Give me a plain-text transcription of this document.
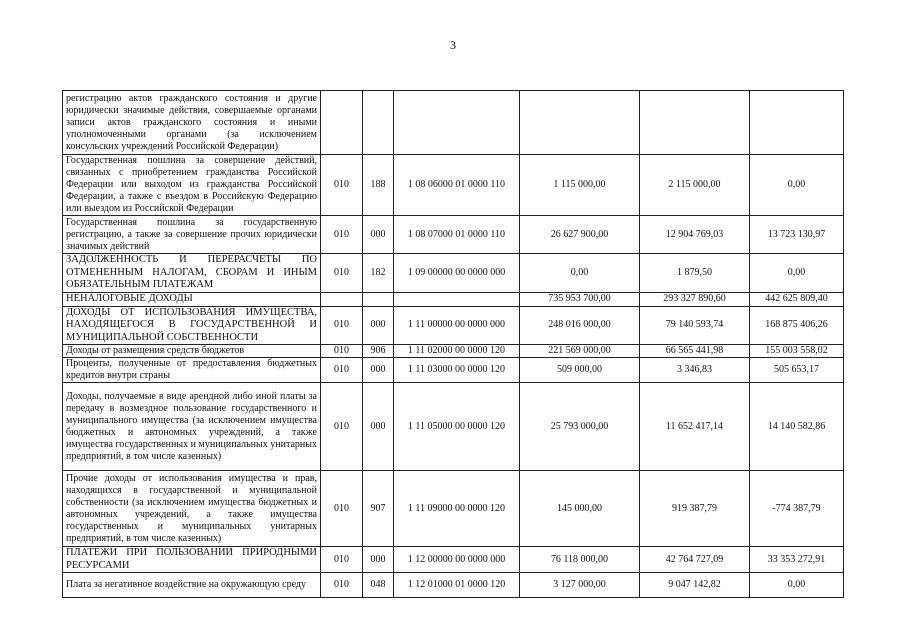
3
регистрацию актов гражданского состояния и другие юридически значимые действия, совершаемые органами записи актов гражданского состояния и иными уполномоченными органами (за исключением консульских учреждений Российской Федерации)						
Государственная пошлина за совершение действий, связанных с приобретением гражданства Российской Федерации или выходом из гражданства Российской Федерации, а также с въездом в Российскую Федерацию или выездом из Российской Федерации	010	188	1 08 06000 01 0000 110	1 115 000,00	2 115 000,00	0,00
Государственная пошлина за государственную регистрацию, а также за совершение прочих юридически значимых действий	010	000	1 08 07000 01 0000 110	26 627 900,00	12 904 769,03	13 723 130,97
ЗАДОЛЖЕННОСТЬ И ПЕРЕРАСЧЕТЫ ПО ОТМЕНЕННЫМ НАЛОГАМ, СБОРАМ И ИНЫМ ОБЯЗАТЕЛЬНЫМ ПЛАТЕЖАМ	010	182	1 09 00000 00 0000 000	0,00	1 879,50	0,00
НЕНАЛОГОВЫЕ ДОХОДЫ				735 953 700,00	293 327 890,60	442 625 809,40
ДОХОДЫ ОТ ИСПОЛЬЗОВАНИЯ ИМУЩЕСТВА, НАХОДЯЩЕГОСЯ В ГОСУДАРСТВЕННОЙ И МУНИЦИПАЛЬНОЙ СОБСТВЕННОСТИ	010	000	1 11 00000 00 0000 000	248 016 000,00	79 140 593,74	168 875 406,26
Доходы от размещения средств бюджетов	010	906	1 11 02000 00 0000 120	221 569 000,00	66 565 441,98	155 003 558,02
Проценты, полученные от предоставления бюджетных кредитов внутри страны	010	000	1 11 03000 00 0000 120	509 000,00	3 346,83	505 653,17
Доходы, получаемые в виде арендной либо иной платы за передачу в возмездное пользование государственного и муниципального имущества (за исключением имущества бюджетных и автономных учреждений, а также имущества государственных и муниципальных унитарных предприятий, в том числе казенных)	010	000	1 11 05000 00 0000 120	25 793 000,00	11 652 417,14	14 140 582,86
Прочие доходы от использования имущества и прав, находящихся в государственной и муниципальной собственности (за исключением имущества бюджетных и автономных учреждений, а также имущества государственных и муниципальных унитарных предприятий, в том числе казенных)	010	907	1 11 09000 00 0000 120	145 000,00	919 387,79	-774 387,79
ПЛАТЕЖИ ПРИ ПОЛЬЗОВАНИИ ПРИРОДНЫМИ РЕСУРСАМИ	010	000	1 12 00000 00 0000 000	76 118 000,00	42 764 727,09	33 353 272,91
Плата за негативное воздействие на окружающую среду	010	048	1 12 01000 01 0000 120	3 127 000,00	9 047 142,82	0,00
